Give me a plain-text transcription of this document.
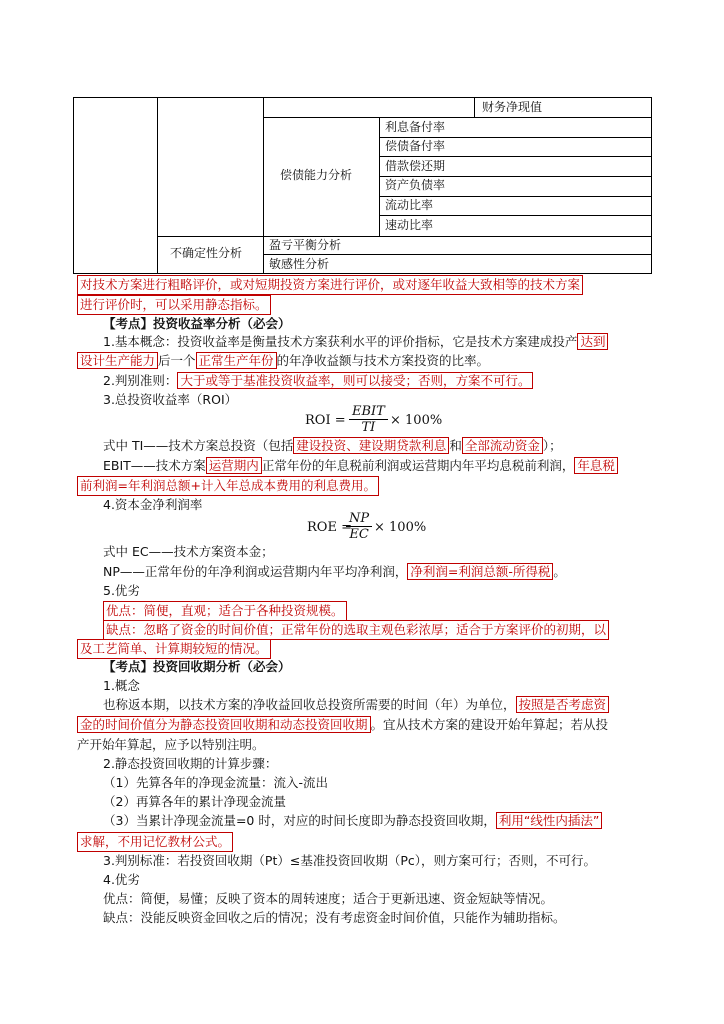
财务净现值
偿债能力分析
利息备付率
偿债备付率
借款偿还期
资产负债率
流动比率
速动比率
不确定性分析
盈亏平衡分析
敏感性分析
对技术方案进行粗略评价，或对短期投资方案进行评价，或对逐年收益大致相等的技术方案
进行评价时，可以采用静态指标。
【考点】投资收益率分析（必会）
1.基本概念：投资收益率是衡量技术方案获利水平的评价指标，它是技术方案建成投产 达到
设计生产能力 后一个 正常生产年份 的年净收益额与技术方案投资的比率。
2.判别准则： 大于或等于基准投资收益率，则可以接受；否则，方案不可行。
3.总投资收益率（ROI）
ROI =
EBIT
TI	× 100%
式中 TI——技术方案总投资（包括 建设投资、建设期贷款利息 和 全部流动资金 ）；
EBIT——技术方案 运营期内 正常年份的年息税前利润或运营期内年平均息税前利润， 年息税
前利润=年利润总额+计入年总成本费用的利息费用。
4.资本金净利润率
ROE =
$\frac{NP}{EC} \times 100\%$
式中 EC——技术方案资本金；
NP——正常年份的年净利润或运营期内年平均净利润， 净利润=利润总额-所得税 。
5.优劣
优点：简便，直观；适合于各种投资规模。
缺点：忽略了资金的时间价值；正常年份的选取主观色彩浓厚；适合于方案评价的初期，以
及工艺简单、计算期较短的情况。
【考点】投资回收期分析（必会）
1.概念
也称返本期，以技术方案的净收益回收总投资所需要的时间（年）为单位， 按照是否考虑资
金的时间价值分为静态投资回收期和动态投资回收期 。宜从技术方案的建设开始年算起；若从投
产开始年算起，应予以特别注明。
2.静态投资回收期的计算步骤：
（1）先算各年的净现金流量：流入-流出
（2）再算各年的累计净现金流量
（3）当累计净现金流量=0 时，对应的时间长度即为静态投资回收期， 利用“线性内插法”
求解，不用记忆教材公式。
3.判别标准：若投资回收期（Pt）≤基准投资回收期（Pc），则方案可行；否则，不可行。
4.优劣
优点：简便，易懂；反映了资本的周转速度；适合于更新迅速、资金短缺等情况。
缺点：没能反映资金回收之后的情况；没有考虑资金时间价值，只能作为辅助指标。
